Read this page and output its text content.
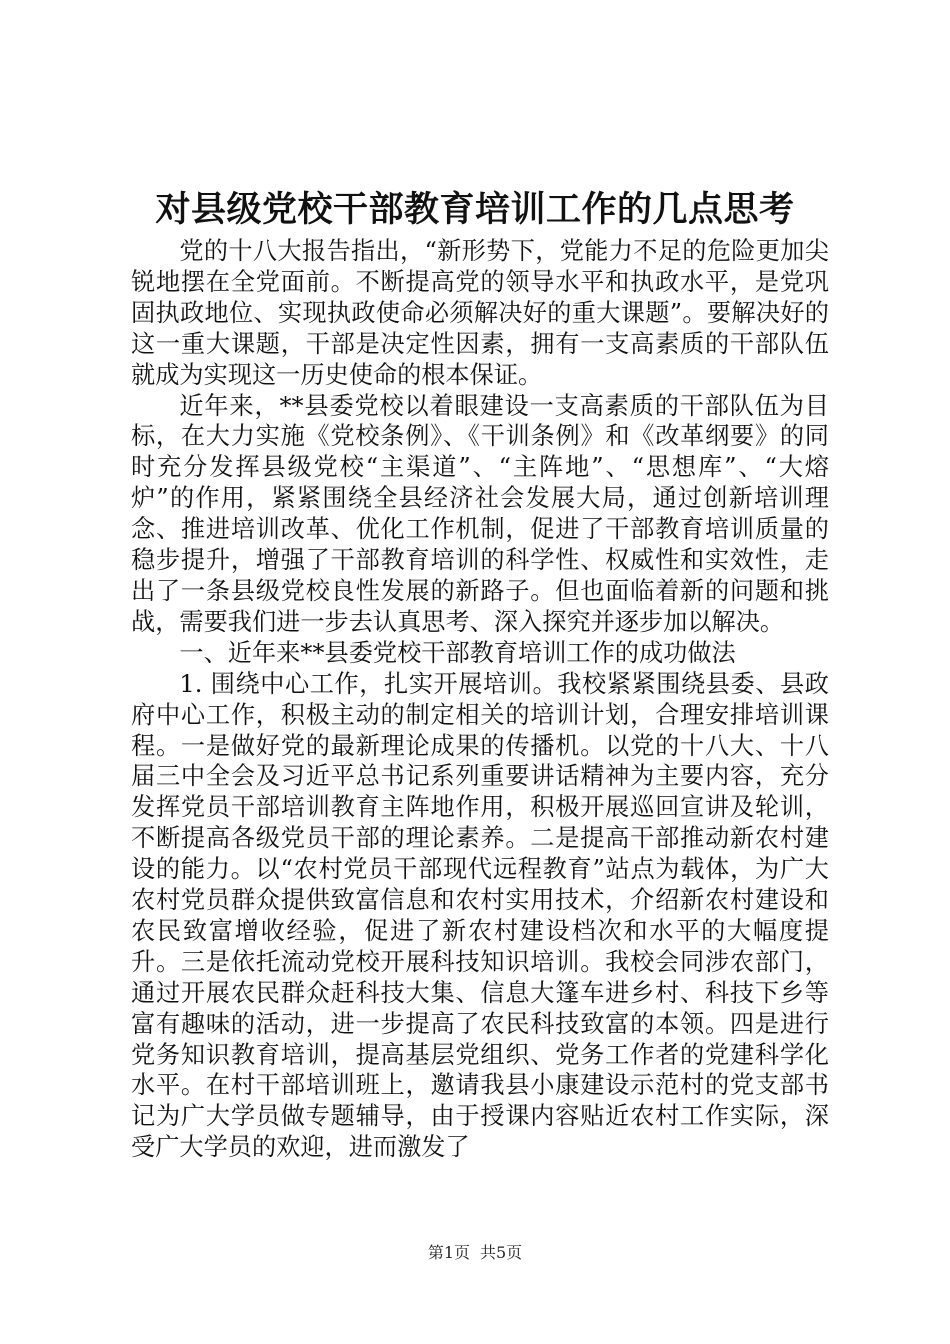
对县级党校干部教育培训工作的几点思考

党的十八大报告指出，“新形势下，党能力不足的危险更加尖锐地摆在全党面前。不断提高党的领导水平和执政水平，是党巩固执政地位、实现执政使命必须解决好的重大课题”。要解决好的这一重大课题，干部是决定性因素，拥有一支高素质的干部队伍就成为实现这一历史使命的根本保证。

近年来，**县委党校以着眼建设一支高素质的干部队伍为目标，在大力实施《党校条例》、《干训条例》和《改革纲要》的同时充分发挥县级党校“主渠道”、“主阵地”、“思想库”、“大熔炉”的作用，紧紧围绕全县经济社会发展大局，通过创新培训理念、推进培训改革、优化工作机制，促进了干部教育培训质量的稳步提升，增强了干部教育培训的科学性、权威性和实效性，走出了一条县级党校良性发展的新路子。但也面临着新的问题和挑战，需要我们进一步去认真思考、深入探究并逐步加以解决。

一、近年来**县委党校干部教育培训工作的成功做法

1. 围绕中心工作，扎实开展培训。我校紧紧围绕县委、县政府中心工作，积极主动的制定相关的培训计划，合理安排培训课程。一是做好党的最新理论成果的传播机。以党的十八大、十八届三中全会及习近平总书记系列重要讲话精神为主要内容，充分发挥党员干部培训教育主阵地作用，积极开展巡回宣讲及轮训，不断提高各级党员干部的理论素养。二是提高干部推动新农村建设的能力。以“农村党员干部现代远程教育”站点为载体，为广大农村党员群众提供致富信息和农村实用技术，介绍新农村建设和农民致富增收经验，促进了新农村建设档次和水平的大幅度提升。三是依托流动党校开展科技知识培训。我校会同涉农部门，通过开展农民群众赶科技大集、信息大篷车进乡村、科技下乡等富有趣味的活动，进一步提高了农民科技致富的本领。四是进行党务知识教育培训，提高基层党组织、党务工作者的党建科学化水平。在村干部培训班上，邀请我县小康建设示范村的党支部书记为广大学员做专题辅导，由于授课内容贴近农村工作实际，深受广大学员的欢迎，进而激发了

第1页 共5页
